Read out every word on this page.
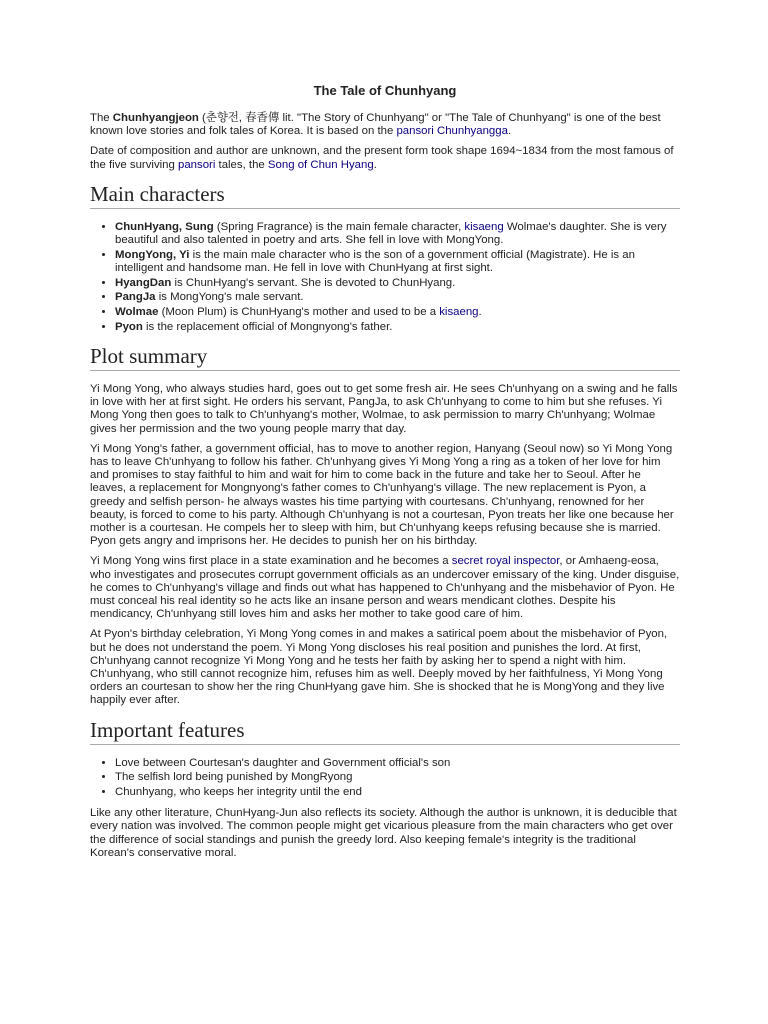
The Tale of Chunhyang

The Chunhyangjeon (춘향전, 春香傳 lit. "The Story of Chunhyang" or "The Tale of Chunhyang" is one of the best known love stories and folk tales of Korea. It is based on the pansori Chunhyangga.

Date of composition and author are unknown, and the present form took shape 1694~1834 from the most famous of the five surviving pansori tales, the Song of Chun Hyang.

Main characters
• ChunHyang, Sung (Spring Fragrance) is the main female character, kisaeng Wolmae's daughter. She is very beautiful and also talented in poetry and arts. She fell in love with MongYong.
• MongYong, Yi is the main male character who is the son of a government official (Magistrate). He is an intelligent and handsome man. He fell in love with ChunHyang at first sight.
• HyangDan is ChunHyang's servant. She is devoted to ChunHyang.
• PangJa is MongYong's male servant.
• Wolmae (Moon Plum) is ChunHyang's mother and used to be a kisaeng.
• Pyon is the replacement official of Mongnyong's father.
Plot summary

Yi Mong Yong, who always studies hard, goes out to get some fresh air. He sees Ch'unhyang on a swing and he falls in love with her at first sight. He orders his servant, PangJa, to ask Ch'unhyang to come to him but she refuses. Yi Mong Yong then goes to talk to Ch'unhyang's mother, Wolmae, to ask permission to marry Ch'unhyang; Wolmae gives her permission and the two young people marry that day.

Yi Mong Yong's father, a government official, has to move to another region, Hanyang (Seoul now) so Yi Mong Yong has to leave Ch'unhyang to follow his father. Ch'unhyang gives Yi Mong Yong a ring as a token of her love for him and promises to stay faithful to him and wait for him to come back in the future and take her to Seoul. After he leaves, a replacement for Mongnyong's father comes to Ch'unhyang's village. The new replacement is Pyon, a greedy and selfish person- he always wastes his time partying with courtesans. Ch'unhyang, renowned for her beauty, is forced to come to his party. Although Ch'unhyang is not a courtesan, Pyon treats her like one because her mother is a courtesan. He compels her to sleep with him, but Ch'unhyang keeps refusing because she is married. Pyon gets angry and imprisons her. He decides to punish her on his birthday.

Yi Mong Yong wins first place in a state examination and he becomes a secret royal inspector, or Amhaeng-eosa, who investigates and prosecutes corrupt government officials as an undercover emissary of the king. Under disguise, he comes to Ch'unhyang's village and finds out what has happened to Ch'unhyang and the misbehavior of Pyon. He must conceal his real identity so he acts like an insane person and wears mendicant clothes. Despite his mendicancy, Ch'unhyang still loves him and asks her mother to take good care of him.

At Pyon's birthday celebration, Yi Mong Yong comes in and makes a satirical poem about the misbehavior of Pyon, but he does not understand the poem. Yi Mong Yong discloses his real position and punishes the lord. At first, Ch'unhyang cannot recognize Yi Mong Yong and he tests her faith by asking her to spend a night with him. Ch'unhyang, who still cannot recognize him, refuses him as well. Deeply moved by her faithfulness, Yi Mong Yong orders an courtesan to show her the ring ChunHyang gave him. She is shocked that he is MongYong and they live happily ever after.

Important features
• Love between Courtesan's daughter and Government official's son
• The selfish lord being punished by MongRyong
• Chunhyang, who keeps her integrity until the end

Like any other literature, ChunHyang-Jun also reflects its society. Although the author is unknown, it is deducible that every nation was involved. The common people might get vicarious pleasure from the main characters who get over the difference of social standings and punish the greedy lord. Also keeping female's integrity is the traditional Korean's conservative moral.
